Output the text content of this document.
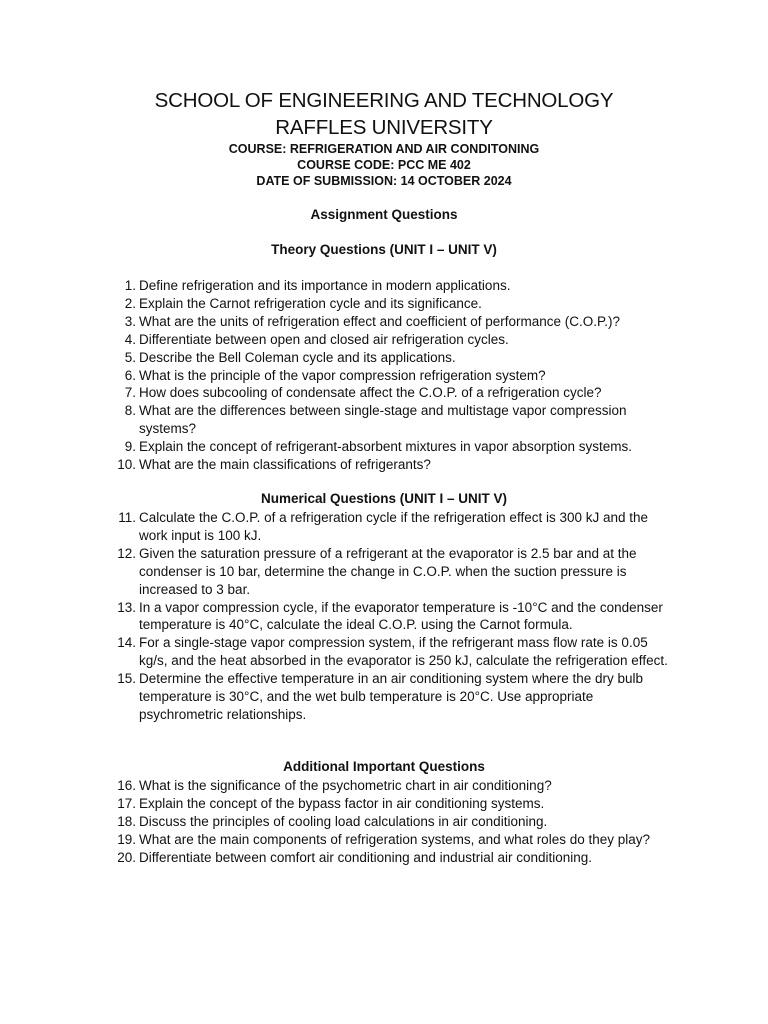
SCHOOL OF ENGINEERING AND TECHNOLOGY
RAFFLES UNIVERSITY
COURSE: REFRIGERATION AND AIR CONDITONING
COURSE CODE: PCC ME 402
DATE OF SUBMISSION: 14 OCTOBER 2024
Assignment Questions
Theory Questions (UNIT I – UNIT V)
1. Define refrigeration and its importance in modern applications.
2. Explain the Carnot refrigeration cycle and its significance.
3. What are the units of refrigeration effect and coefficient of performance (C.O.P.)?
4. Differentiate between open and closed air refrigeration cycles.
5. Describe the Bell Coleman cycle and its applications.
6. What is the principle of the vapor compression refrigeration system?
7. How does subcooling of condensate affect the C.O.P. of a refrigeration cycle?
8. What are the differences between single-stage and multistage vapor compression systems?
9. Explain the concept of refrigerant-absorbent mixtures in vapor absorption systems.
10. What are the main classifications of refrigerants?
Numerical Questions (UNIT I – UNIT V)
11. Calculate the C.O.P. of a refrigeration cycle if the refrigeration effect is 300 kJ and the work input is 100 kJ.
12. Given the saturation pressure of a refrigerant at the evaporator is 2.5 bar and at the condenser is 10 bar, determine the change in C.O.P. when the suction pressure is increased to 3 bar.
13. In a vapor compression cycle, if the evaporator temperature is -10°C and the condenser temperature is 40°C, calculate the ideal C.O.P. using the Carnot formula.
14. For a single-stage vapor compression system, if the refrigerant mass flow rate is 0.05 kg/s, and the heat absorbed in the evaporator is 250 kJ, calculate the refrigeration effect.
15. Determine the effective temperature in an air conditioning system where the dry bulb temperature is 30°C, and the wet bulb temperature is 20°C. Use appropriate psychrometric relationships.
Additional Important Questions
16. What is the significance of the psychometric chart in air conditioning?
17. Explain the concept of the bypass factor in air conditioning systems.
18. Discuss the principles of cooling load calculations in air conditioning.
19. What are the main components of refrigeration systems, and what roles do they play?
20. Differentiate between comfort air conditioning and industrial air conditioning.
